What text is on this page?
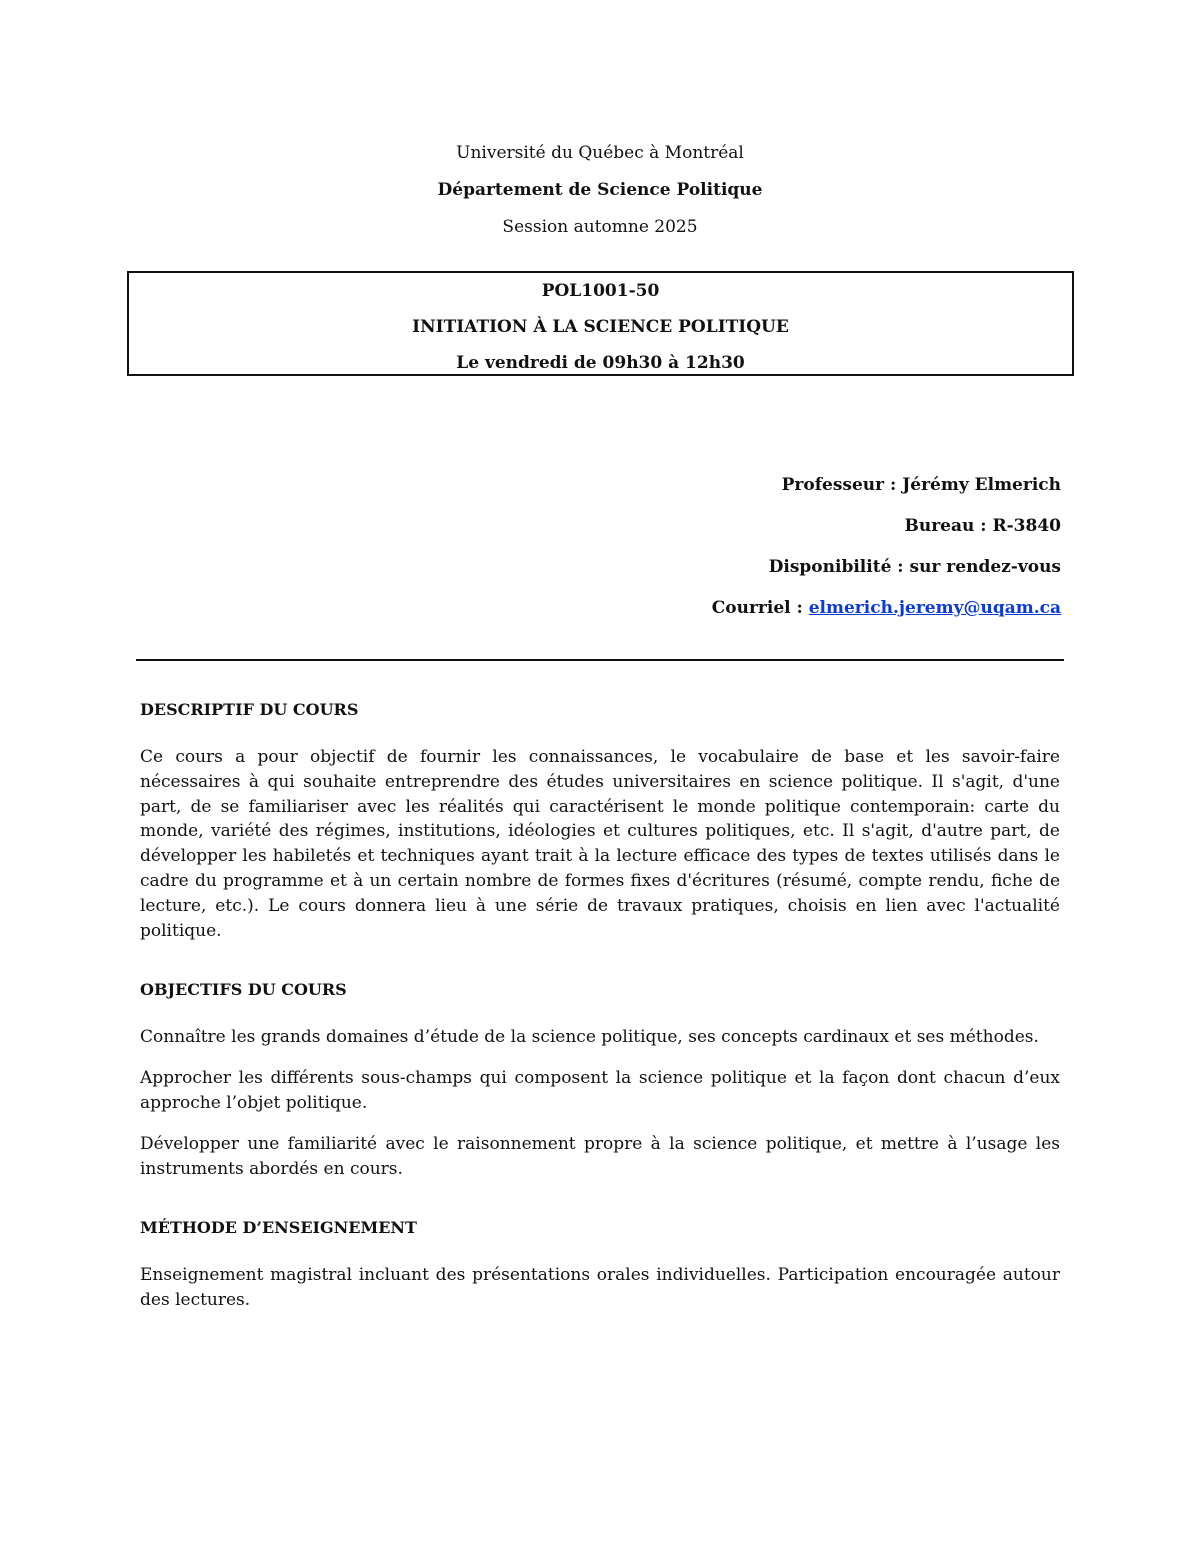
Université du Québec à Montréal
Département de Science Politique
Session automne 2025
POL1001-50
INITIATION À LA SCIENCE POLITIQUE
Le vendredi de 09h30 à 12h30
Professeur : Jérémy Elmerich
Bureau : R-3840
Disponibilité : sur rendez-vous
Courriel : elmerich.jeremy@uqam.ca
DESCRIPTIF DU COURS

Ce cours a pour objectif de fournir les connaissances, le vocabulaire de base et les savoir-faire nécessaires à qui souhaite entreprendre des études universitaires en science politique. Il s'agit, d'une part, de se familiariser avec les réalités qui caractérisent le monde politique contemporain: carte du monde, variété des régimes, institutions, idéologies et cultures politiques, etc. Il s'agit, d'autre part, de développer les habiletés et techniques ayant trait à la lecture efficace des types de textes utilisés dans le cadre du programme et à un certain nombre de formes fixes d'écritures (résumé, compte rendu, fiche de lecture, etc.). Le cours donnera lieu à une série de travaux pratiques, choisis en lien avec l'actualité politique.

OBJECTIFS DU COURS

Connaître les grands domaines d’étude de la science politique, ses concepts cardinaux et ses méthodes.

Approcher les différents sous-champs qui composent la science politique et la façon dont chacun d’eux approche l’objet politique.

Développer une familiarité avec le raisonnement propre à la science politique, et mettre à l’usage les instruments abordés en cours.

MÉTHODE D’ENSEIGNEMENT

Enseignement magistral incluant des présentations orales individuelles. Participation encouragée autour des lectures.
